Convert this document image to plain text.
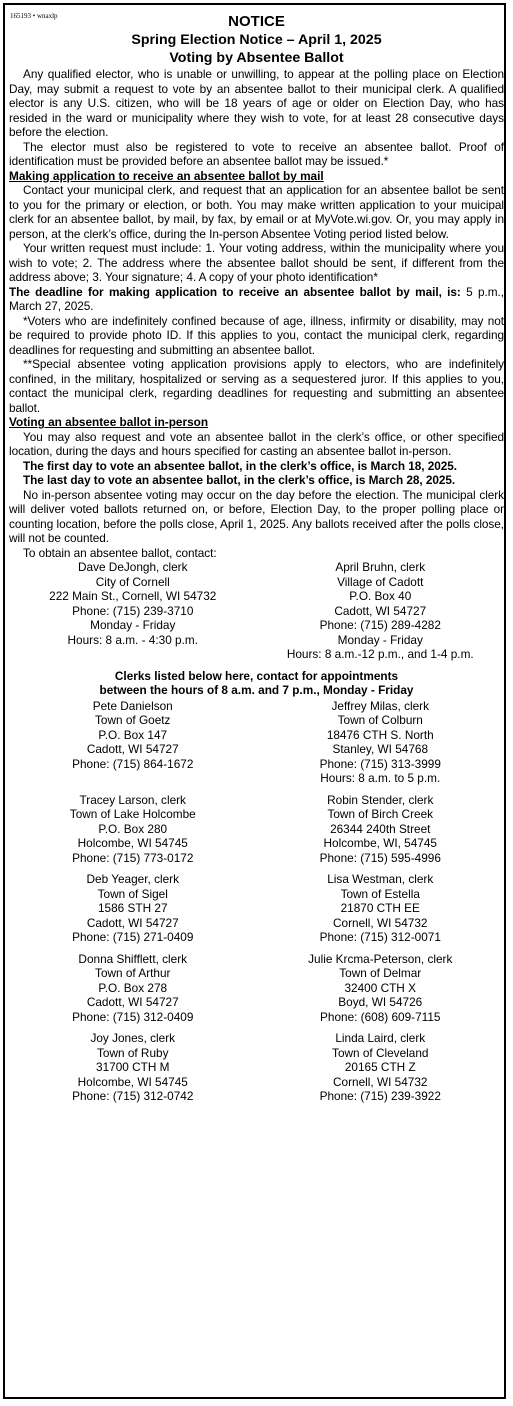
165193 • wnaxlp	NOTICE
Spring Election Notice – April 1, 2025
Voting by Absentee Ballot

Any qualified elector, who is unable or unwilling, to appear at the polling place on Election Day, may submit a request to vote by an absentee ballot to their municipal clerk. A qualified elector is any U.S. citizen, who will be 18 years of age or older on Election Day, who has resided in the ward or municipality where they wish to vote, for at least 28 consecutive days before the election.

The elector must also be registered to vote to receive an absentee ballot. Proof of identification must be provided before an absentee ballot may be issued.*

Making application to receive an absentee ballot by mail

Contact your municipal clerk, and request that an application for an absentee ballot be sent to you for the primary or election, or both. You may make written application to your muicipal clerk for an absentee ballot, by mail, by fax, by email or at MyVote.wi.gov. Or, you may apply in person, at the clerk’s office, during the In-person Absentee Voting period listed below.

Your written request must include: 1. Your voting address, within the municipality where you wish to vote; 2. The address where the absentee ballot should be sent, if different from the address above; 3. Your signature; 4. A copy of your photo identification*

The deadline for making application to receive an absentee ballot by mail, is: 5 p.m., March 27, 2025.

*Voters who are indefinitely confined because of age, illness, infirmity or disability, may not be required to provide photo ID. If this applies to you, contact the municipal clerk, regarding deadlines for requesting and submitting an absentee ballot.

**Special absentee voting application provisions apply to electors, who are indefinitely confined, in the military, hospitalized or serving as a sequestered juror. If this applies to you, contact the municipal clerk, regarding deadlines for requesting and submitting an absentee ballot.

Voting an absentee ballot in-person

You may also request and vote an absentee ballot in the clerk’s office, or other specified location, during the days and hours specified for casting an absentee ballot in-person.

The first day to vote an absentee ballot, in the clerk’s office, is March 18, 2025.

The last day to vote an absentee ballot, in the clerk’s office, is March 28, 2025.

No in-person absentee voting may occur on the day before the election. The municipal clerk will deliver voted ballots returned on, or before, Election Day, to the proper polling place or counting location, before the polls close, April 1, 2025. Any ballots received after the polls close, will not be counted.

To obtain an absentee ballot, contact:

Dave DeJongh, clerk
City of Cornell
222 Main St., Cornell, WI 54732
Phone: (715) 239-3710
Monday - Friday
Hours: 8 a.m. - 4:30 p.m.
April Bruhn, clerk
Village of Cadott
P.O. Box 40
Cadott, WI 54727
Phone: (715) 289-4282
Monday - Friday
Hours: 8 a.m.-12 p.m., and 1-4 p.m.
Clerks listed below here, contact for appointments
between the hours of 8 a.m. and 7 p.m., Monday - Friday
Pete Danielson
Town of Goetz
P.O. Box 147
Cadott, WI 54727
Phone: (715) 864-1672
Jeffrey Milas, clerk
Town of Colburn
18476 CTH S. North
Stanley, WI 54768
Phone: (715) 313-3999
Hours: 8 a.m. to 5 p.m.
Tracey Larson, clerk
Town of Lake Holcombe
P.O. Box 280
Holcombe, WI 54745
Phone: (715) 773-0172
Robin Stender, clerk
Town of Birch Creek
26344 240th Street
Holcombe, WI, 54745
Phone: (715) 595-4996
Deb Yeager, clerk
Town of Sigel
1586 STH 27
Cadott, WI 54727
Phone: (715) 271-0409
Lisa Westman, clerk
Town of Estella
21870 CTH EE
Cornell, WI 54732
Phone: (715) 312-0071
Donna Shifflett, clerk
Town of Arthur
P.O. Box 278
Cadott, WI 54727
Phone: (715) 312-0409
Julie Krcma-Peterson, clerk
Town of Delmar
32400 CTH X
Boyd, WI 54726
Phone: (608) 609-7115
Joy Jones, clerk
Town of Ruby
31700 CTH M
Holcombe, WI 54745
Phone: (715) 312-0742
Linda Laird, clerk
Town of Cleveland
20165 CTH Z
Cornell, WI 54732
Phone: (715) 239-3922
